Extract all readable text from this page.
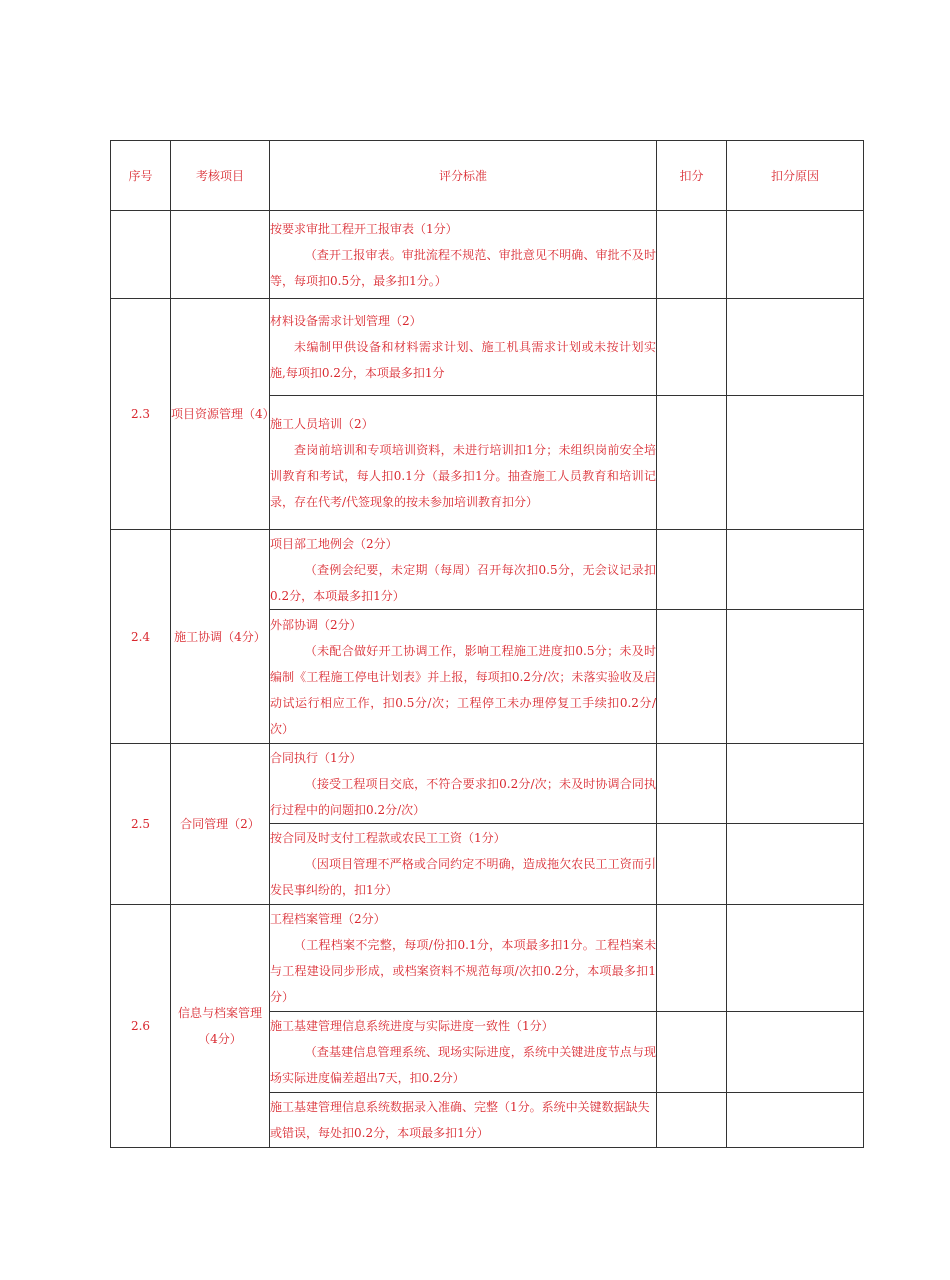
序号	考核项目	评分标准	扣分	扣分原因

		按要求审批工程开工报审表（1分）
（查开工报审表。审批流程不规范、审批意见不明确、审批不及时等，每项扣0.5分，最多扣1分。）		

2.3	项目资源管理（4）	材料设备需求计划管理（2）
未编制甲供设备和材料需求计划、施工机具需求计划或未按计划实施,每项扣0.2分，本项最多扣1分		

		施工人员培训（2）
查岗前培训和专项培训资料，未进行培训扣1分；未组织岗前安全培训教育和考试，每人扣0.1分（最多扣1分。抽查施工人员教育和培训记录，存在代考/代签现象的按未参加培训教育扣分）		

2.4	施工协调（4分）	项目部工地例会（2分）
（查例会纪要，未定期（每周）召开每次扣0.5分，无会议记录扣0.2分，本项最多扣1分）		

		外部协调（2分）
（未配合做好开工协调工作，影响工程施工进度扣0.5分；未及时编制《工程施工停电计划表》并上报，每项扣0.2分/次；未落实验收及启动试运行相应工作，扣0.5分/次；工程停工未办理停复工手续扣0.2分/次）		

2.5	合同管理（2）	合同执行（1分）
（接受工程项目交底，不符合要求扣0.2分/次；未及时协调合同执行过程中的问题扣0.2分/次）		

		按合同及时支付工程款或农民工工资（1分）
（因项目管理不严格或合同约定不明确，造成拖欠农民工工资而引发民事纠纷的，扣1分）		

2.6	信息与档案管理（4分）	工程档案管理（2分）
（工程档案不完整，每项/份扣0.1分，本项最多扣1分。工程档案未与工程建设同步形成，或档案资料不规范每项/次扣0.2分，本项最多扣1分）		

		施工基建管理信息系统进度与实际进度一致性（1分）
（查基建信息管理系统、现场实际进度，系统中关键进度节点与现场实际进度偏差超出7天，扣0.2分）		

		施工基建管理信息系统数据录入准确、完整（1分。系统中关键数据缺失或错误，每处扣0.2分，本项最多扣1分）		
